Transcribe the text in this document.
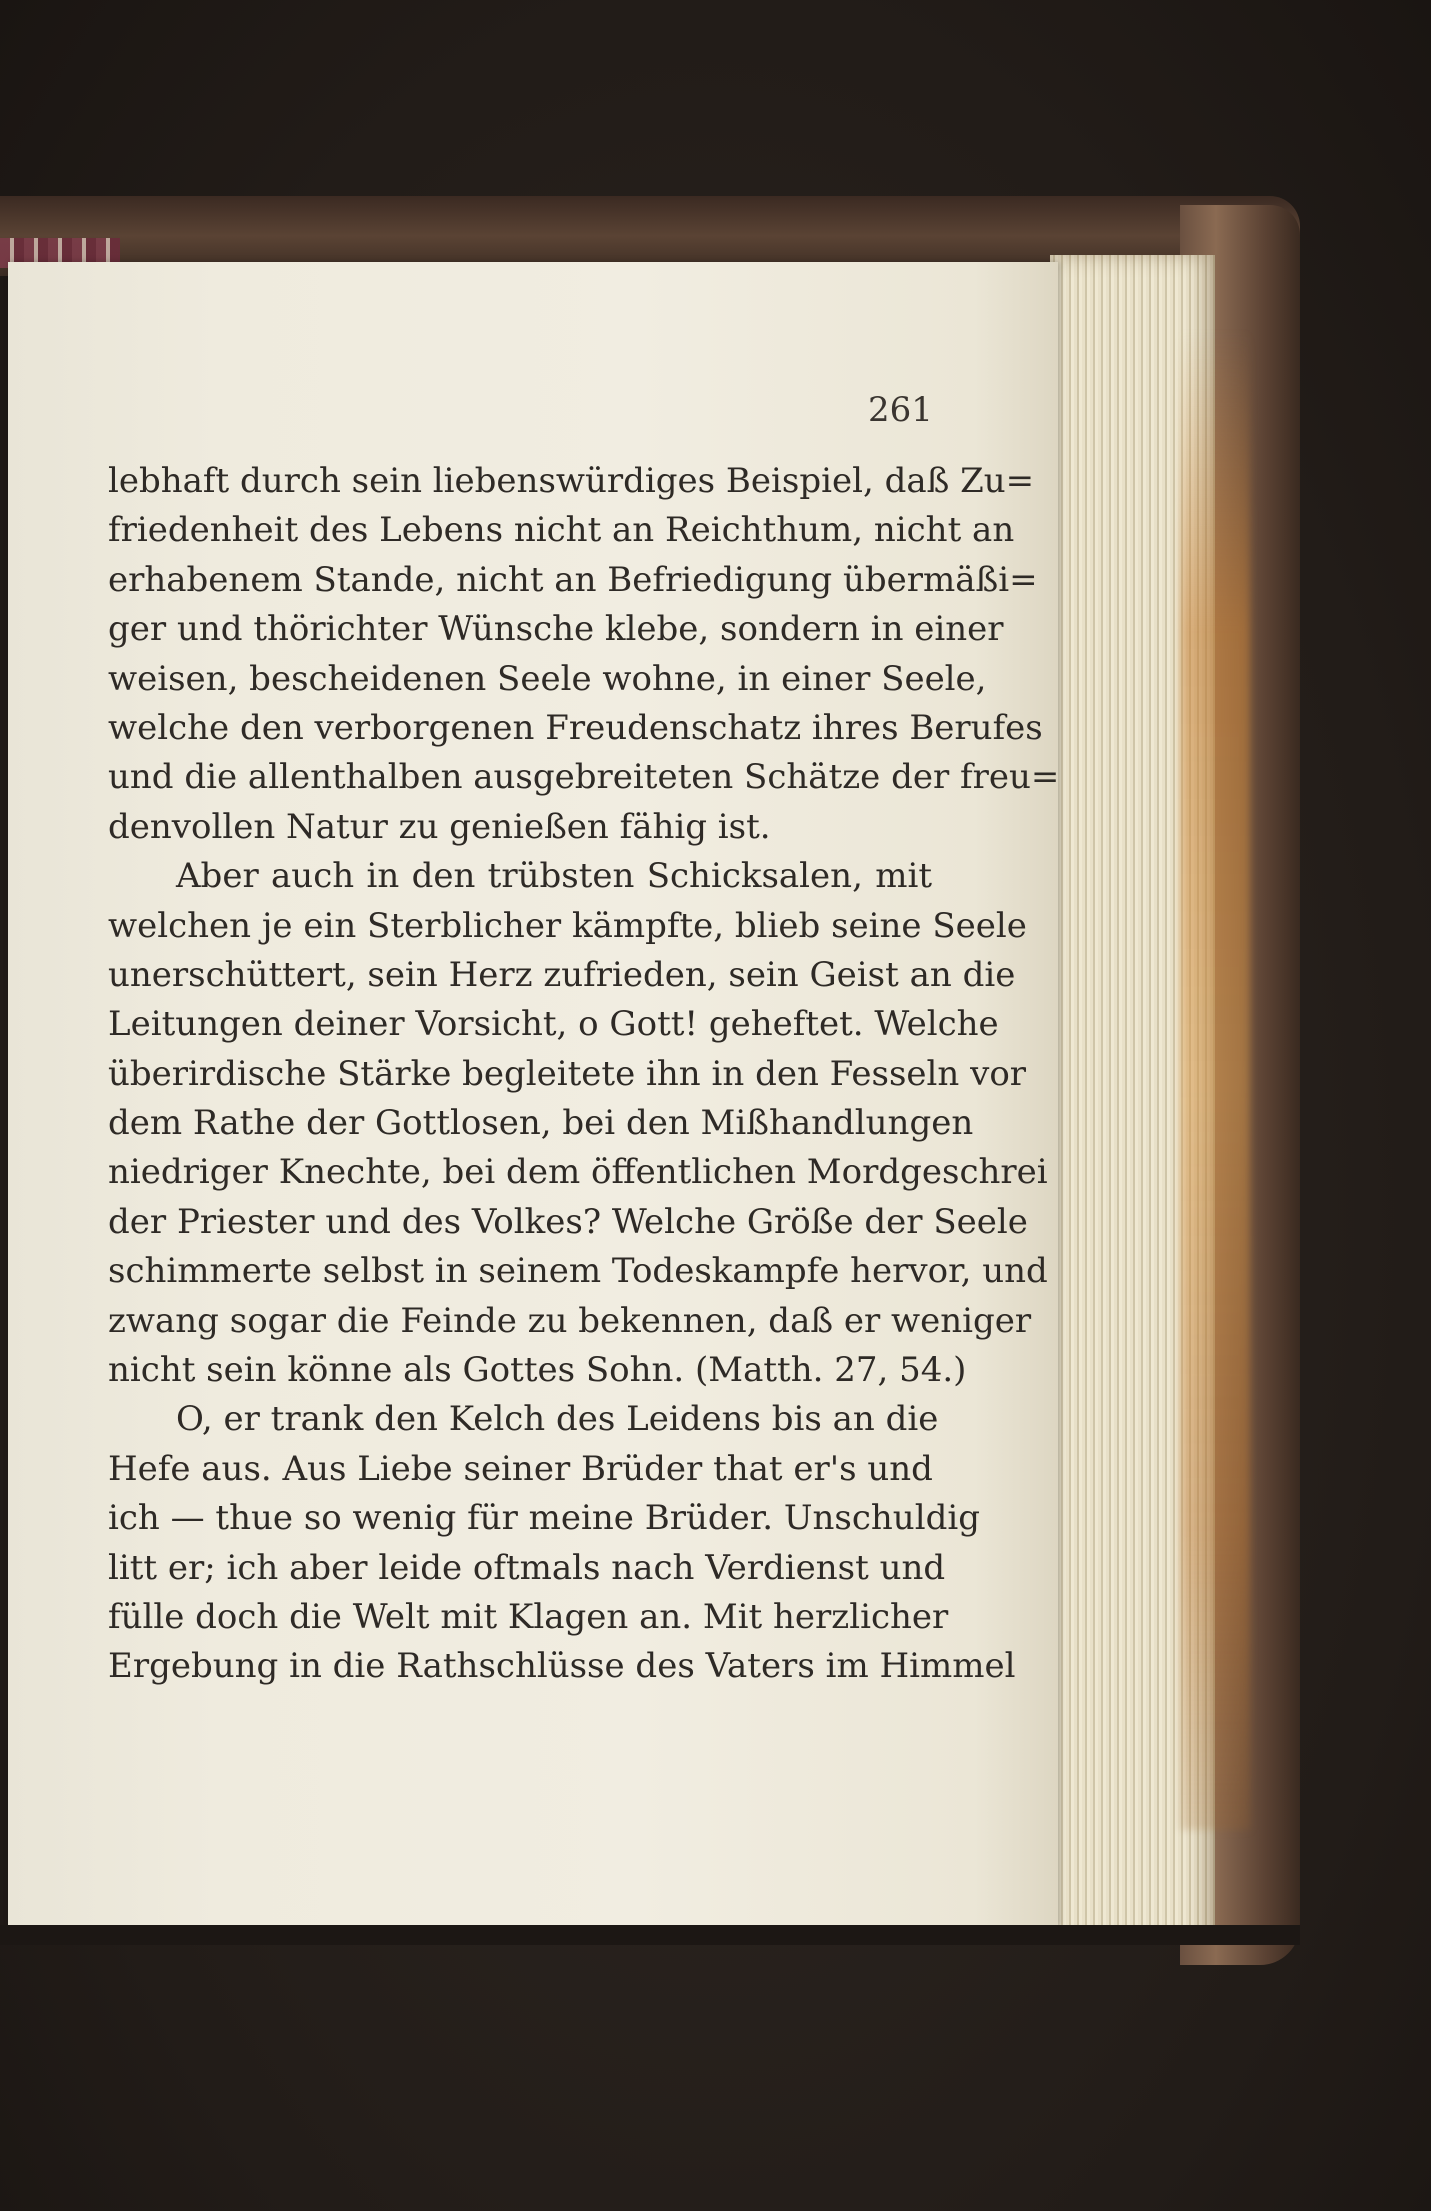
261
lebhaft durch sein liebenswürdiges Beispiel, daß Zu=
friedenheit des Lebens nicht an Reichthum, nicht an
erhabenem Stande, nicht an Befriedigung übermäßi=
ger und thörichter Wünsche klebe, sondern in einer
weisen, bescheidenen Seele wohne, in einer Seele,
welche den verborgenen Freudenschatz ihres Berufes
und die allenthalben ausgebreiteten Schätze der freu=
denvollen Natur zu genießen fähig ist.
Aber auch in den trübsten Schicksalen, mit
welchen je ein Sterblicher kämpfte, blieb seine Seele
unerschüttert, sein Herz zufrieden, sein Geist an die
Leitungen deiner Vorsicht, o Gott! geheftet. Welche
überirdische Stärke begleitete ihn in den Fesseln vor
dem Rathe der Gottlosen, bei den Mißhandlungen
niedriger Knechte, bei dem öffentlichen Mordgeschrei
der Priester und des Volkes? Welche Größe der Seele
schimmerte selbst in seinem Todeskampfe hervor, und
zwang sogar die Feinde zu bekennen, daß er weniger
nicht sein könne als Gottes Sohn. (Matth. 27, 54.)
O, er trank den Kelch des Leidens bis an die
Hefe aus. Aus Liebe seiner Brüder that er's und
ich — thue so wenig für meine Brüder. Unschuldig
litt er; ich aber leide oftmals nach Verdienst und
fülle doch die Welt mit Klagen an. Mit herzlicher
Ergebung in die Rathschlüsse des Vaters im Himmel
